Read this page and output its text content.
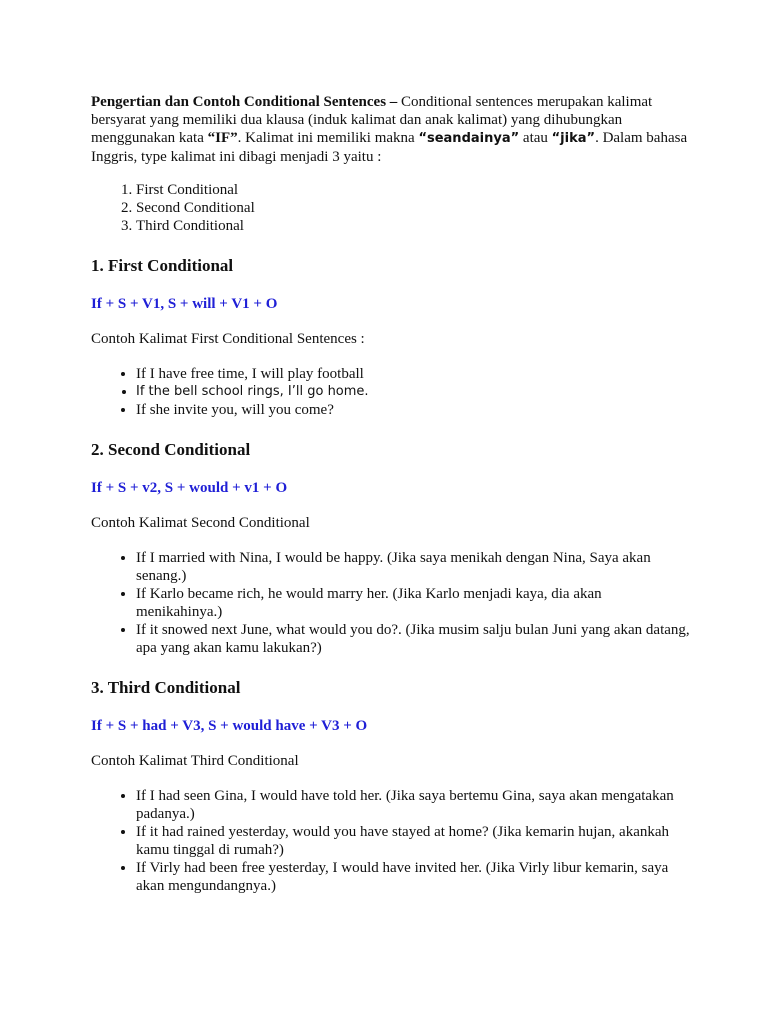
Pengertian dan Contoh Conditional Sentences – Conditional sentences merupakan kalimat bersyarat yang memiliki dua klausa (induk kalimat dan anak kalimat) yang dihubungkan menggunakan kata “IF”. Kalimat ini memiliki makna “seandainya” atau “jika”. Dalam bahasa Inggris, type kalimat ini dibagi menjadi 3 yaitu :

1. First Conditional
2. Second Conditional
3. Third Conditional
1. First Conditional

If + S + V1, S + will + V1 + O

Contoh Kalimat First Conditional Sentences :

• If I have free time, I will play football
• If the bell school rings, I’ll go home.
• If she invite you, will you come?
2. Second Conditional

If + S + v2, S + would + v1 + O

Contoh Kalimat Second Conditional

• If I married with Nina, I would be happy. (Jika saya menikah dengan Nina, Saya akan senang.)
• If Karlo became rich, he would marry her. (Jika Karlo menjadi kaya, dia akan menikahinya.)
• If it snowed next June, what would you do?. (Jika musim salju bulan Juni yang akan datang, apa yang akan kamu lakukan?)
3. Third Conditional

If + S + had + V3, S + would have + V3 + O

Contoh Kalimat Third Conditional

• If I had seen Gina, I would have told her. (Jika saya bertemu Gina, saya akan mengatakan padanya.)
• If it had rained yesterday, would you have stayed at home? (Jika kemarin hujan, akankah kamu tinggal di rumah?)
• If Virly had been free yesterday, I would have invited her. (Jika Virly libur kemarin, saya akan mengundangnya.)
